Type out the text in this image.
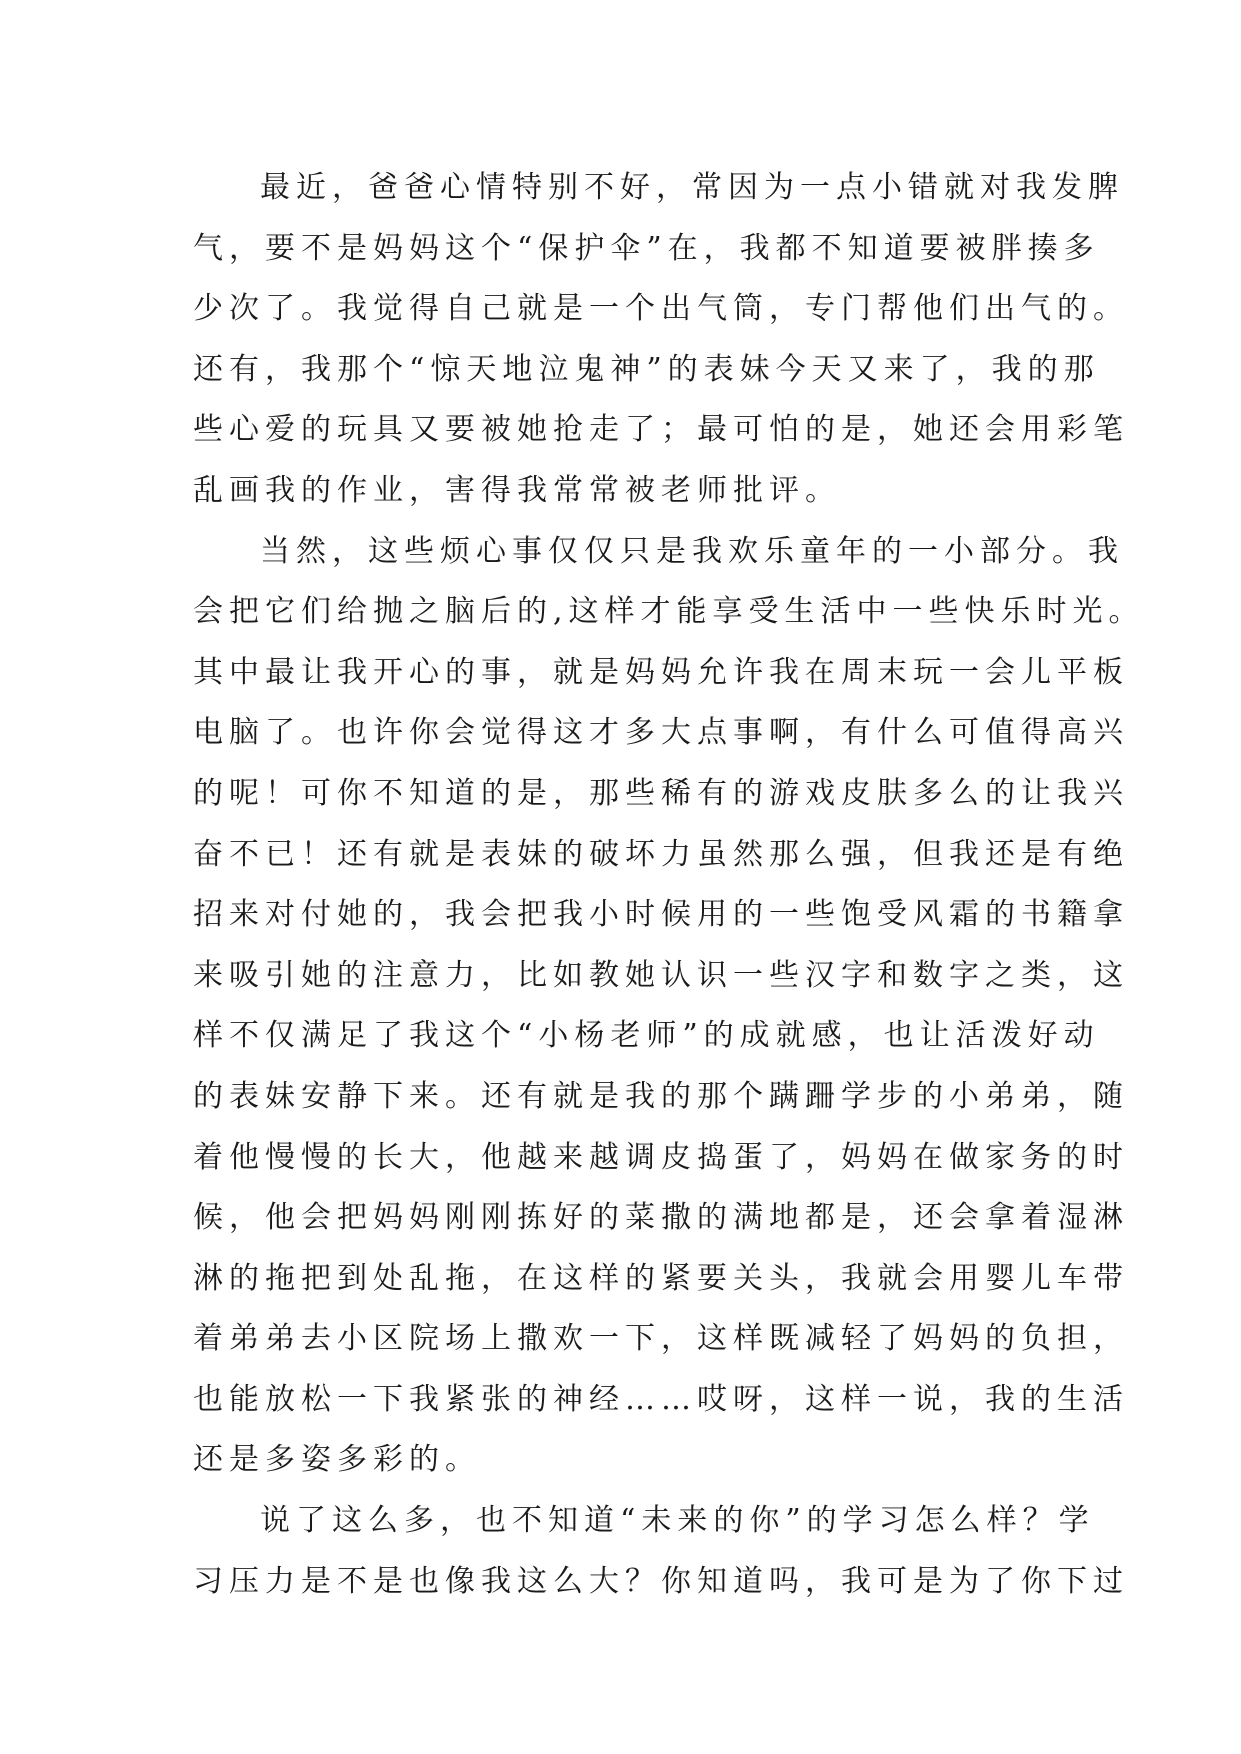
最近，爸爸心情特别不好，常因为一点小错就对我发脾
气，要不是妈妈这个“保护伞”在，我都不知道要被胖揍多
少次了。我觉得自己就是一个出气筒，专门帮他们出气的。
还有，我那个“惊天地泣鬼神”的表妹今天又来了，我的那
些心爱的玩具又要被她抢走了；最可怕的是，她还会用彩笔
乱画我的作业，害得我常常被老师批评。
当然，这些烦心事仅仅只是我欢乐童年的一小部分。我
会把它们给抛之脑后的,这样才能享受生活中一些快乐时光。
其中最让我开心的事，就是妈妈允许我在周末玩一会儿平板
电脑了。也许你会觉得这才多大点事啊，有什么可值得高兴
的呢！可你不知道的是，那些稀有的游戏皮肤多么的让我兴
奋不已！还有就是表妹的破坏力虽然那么强，但我还是有绝
招来对付她的，我会把我小时候用的一些饱受风霜的书籍拿
来吸引她的注意力，比如教她认识一些汉字和数字之类，这
样不仅满足了我这个“小杨老师”的成就感，也让活泼好动
的表妹安静下来。还有就是我的那个蹒跚学步的小弟弟，随
着他慢慢的长大，他越来越调皮捣蛋了，妈妈在做家务的时
候，他会把妈妈刚刚拣好的菜撒的满地都是，还会拿着湿淋
淋的拖把到处乱拖，在这样的紧要关头，我就会用婴儿车带
着弟弟去小区院场上撒欢一下，这样既减轻了妈妈的负担，
也能放松一下我紧张的神经……哎呀，这样一说，我的生活
还是多姿多彩的。
说了这么多，也不知道“未来的你”的学习怎么样？学
习压力是不是也像我这么大？你知道吗，我可是为了你下过
